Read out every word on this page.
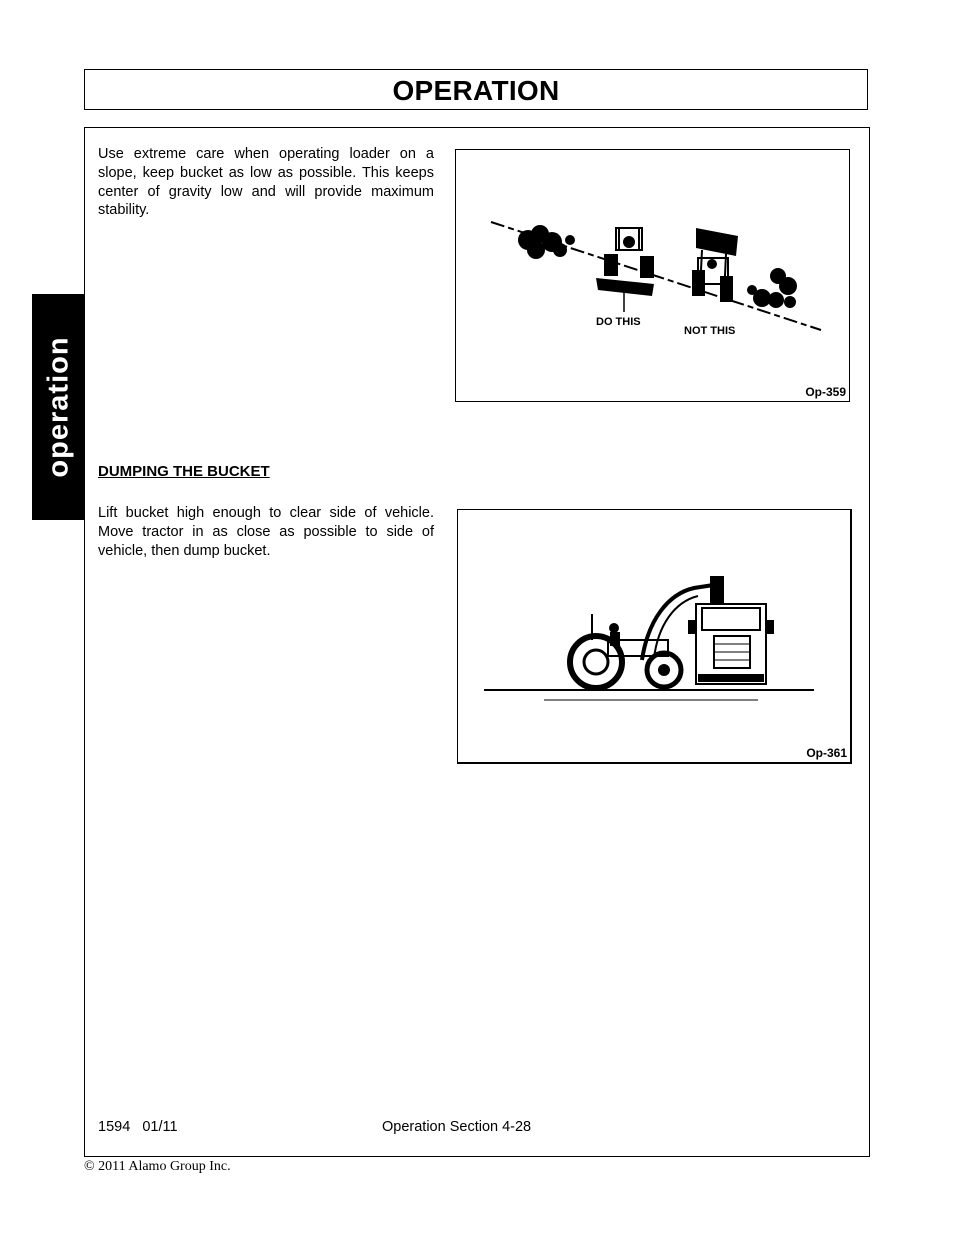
OPERATION
operation
Use extreme care when operating loader on a slope, keep bucket as low as possible. This keeps center of gravity low and will provide maximum stability.
DO THIS
NOT THIS
Op-359
DUMPING THE BUCKET
Lift bucket high enough to clear side of vehicle. Move tractor in as close as possible to side of vehicle, then dump bucket.
Op-361
1594   01/11	Operation Section 4-28
© 2011 Alamo Group Inc.
